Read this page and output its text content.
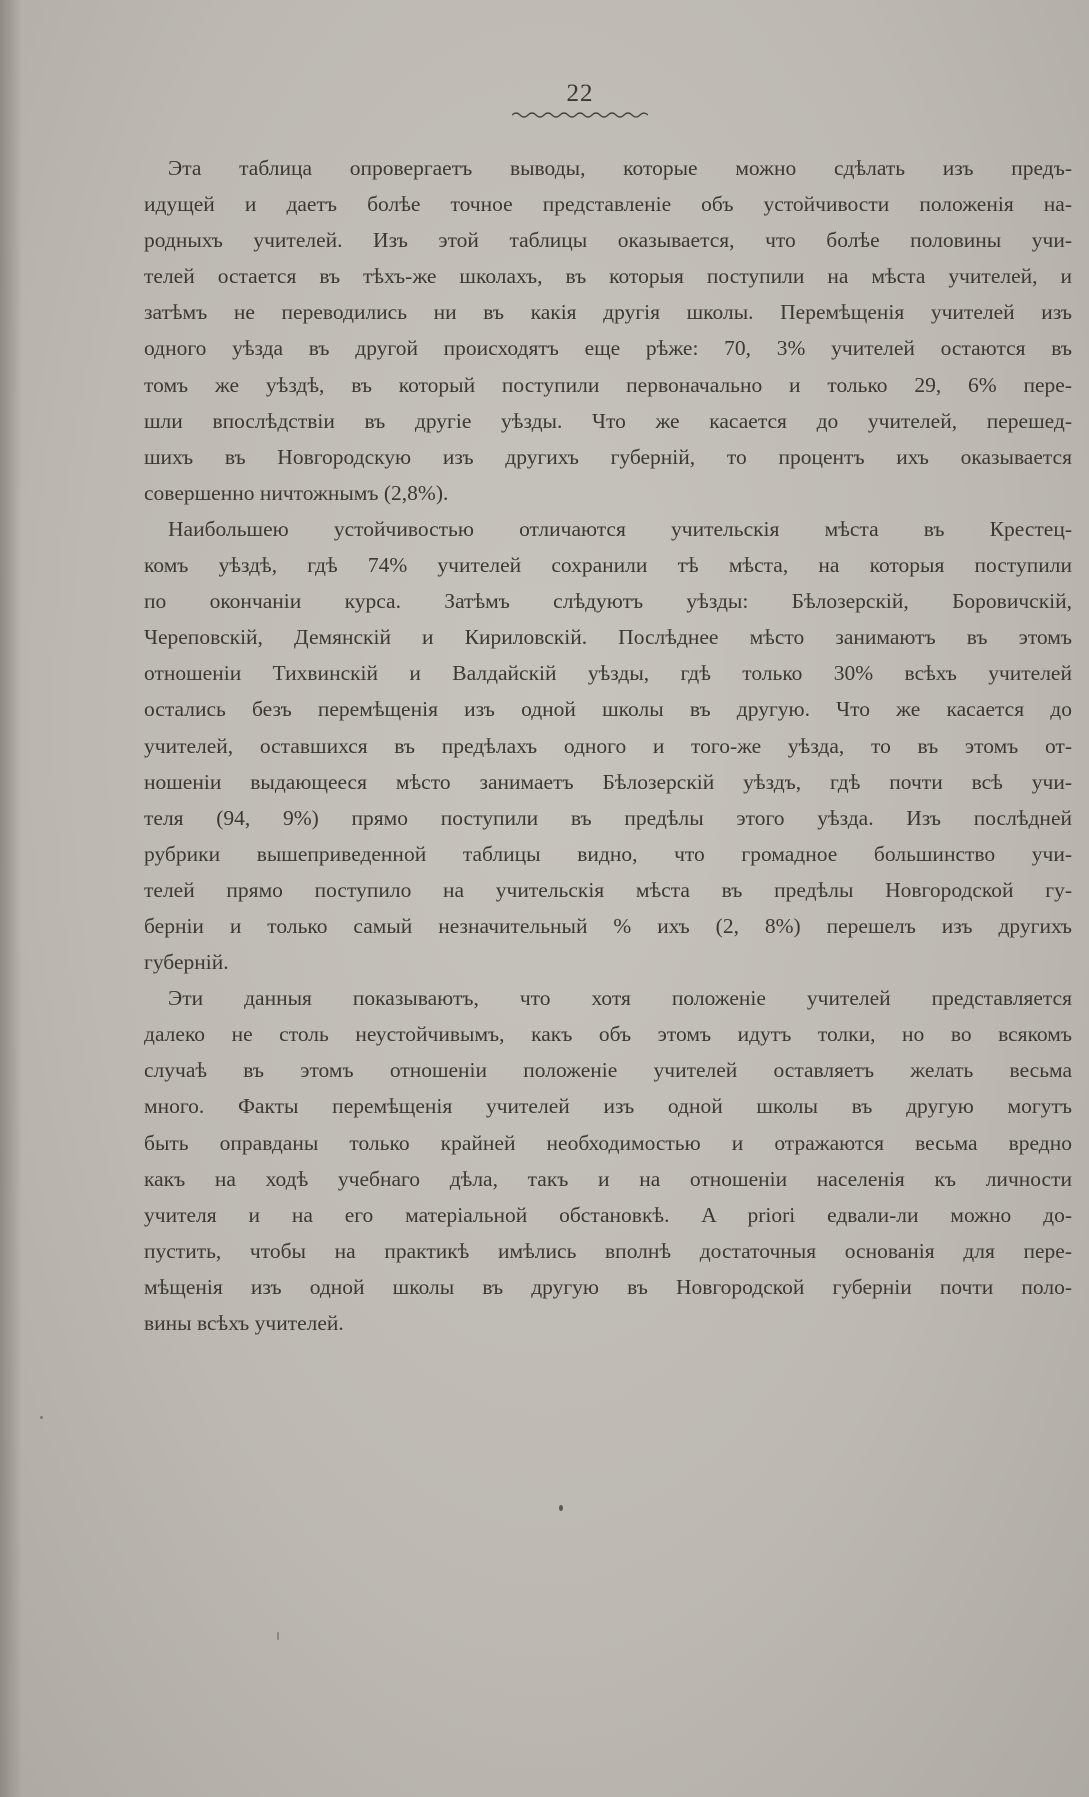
22
Эта таблица опровергаетъ выводы, которые можно сдѣлать изъ предъ-
идущей и даетъ болѣе точное представленіе объ устойчивости положенія на-
родныхъ учителей. Изъ этой таблицы оказывается, что болѣе половины учи-
телей остается въ тѣхъ-же школахъ, въ которыя поступили на мѣста учителей, и
затѣмъ не переводились ни въ какія другія школы. Перемѣщенія учителей изъ
одного уѣзда въ другой происходятъ еще рѣже: 70, 3% учителей остаются въ
томъ же уѣздѣ, въ который поступили первоначально и только 29, 6% пере-
шли впослѣдствіи въ другіе уѣзды. Что же касается до учителей, перешед-
шихъ въ Новгородскую изъ другихъ губерній, то процентъ ихъ оказывается
совершенно ничтожнымъ (2,8%).
Наибольшею устойчивостью отличаются учительскія мѣста въ Крестец-
комъ уѣздѣ, гдѣ 74% учителей сохранили тѣ мѣста, на которыя поступили
по окончаніи курса. Затѣмъ слѣдуютъ уѣзды: Бѣлозерскій, Боровичскій,
Череповскій, Демянскій и Кириловскій. Послѣднее мѣсто занимаютъ въ этомъ
отношеніи Тихвинскій и Валдайскій уѣзды, гдѣ только 30% всѣхъ учителей
остались безъ перемѣщенія изъ одной школы въ другую. Что же касается до
учителей, оставшихся въ предѣлахъ одного и того-же уѣзда, то въ этомъ от-
ношеніи выдающееся мѣсто занимаетъ Бѣлозерскій уѣздъ, гдѣ почти всѣ учи-
теля (94, 9%) прямо поступили въ предѣлы этого уѣзда. Изъ послѣдней
рубрики вышеприведенной таблицы видно, что громадное большинство учи-
телей прямо поступило на учительскія мѣста въ предѣлы Новгородской гу-
берніи и только самый незначительный % ихъ (2, 8%) перешелъ изъ другихъ
губерній.
Эти данныя показываютъ, что хотя положеніе учителей представляется
далеко не столь неустойчивымъ, какъ объ этомъ идутъ толки, но во всякомъ
случаѣ въ этомъ отношеніи положеніе учителей оставляетъ желать весьма
много. Факты перемѣщенія учителей изъ одной школы въ другую могутъ
быть оправданы только крайней необходимостью и отражаются весьма вредно
какъ на ходѣ учебнаго дѣла, такъ и на отношеніи населенія къ личности
учителя и на его матеріальной обстановкѣ. A priori едвали-ли можно до-
пустить, чтобы на практикѣ имѣлись вполнѣ достаточныя основанія для пере-
мѣщенія изъ одной школы въ другую въ Новгородской губерніи почти поло-
вины всѣхъ учителей.
